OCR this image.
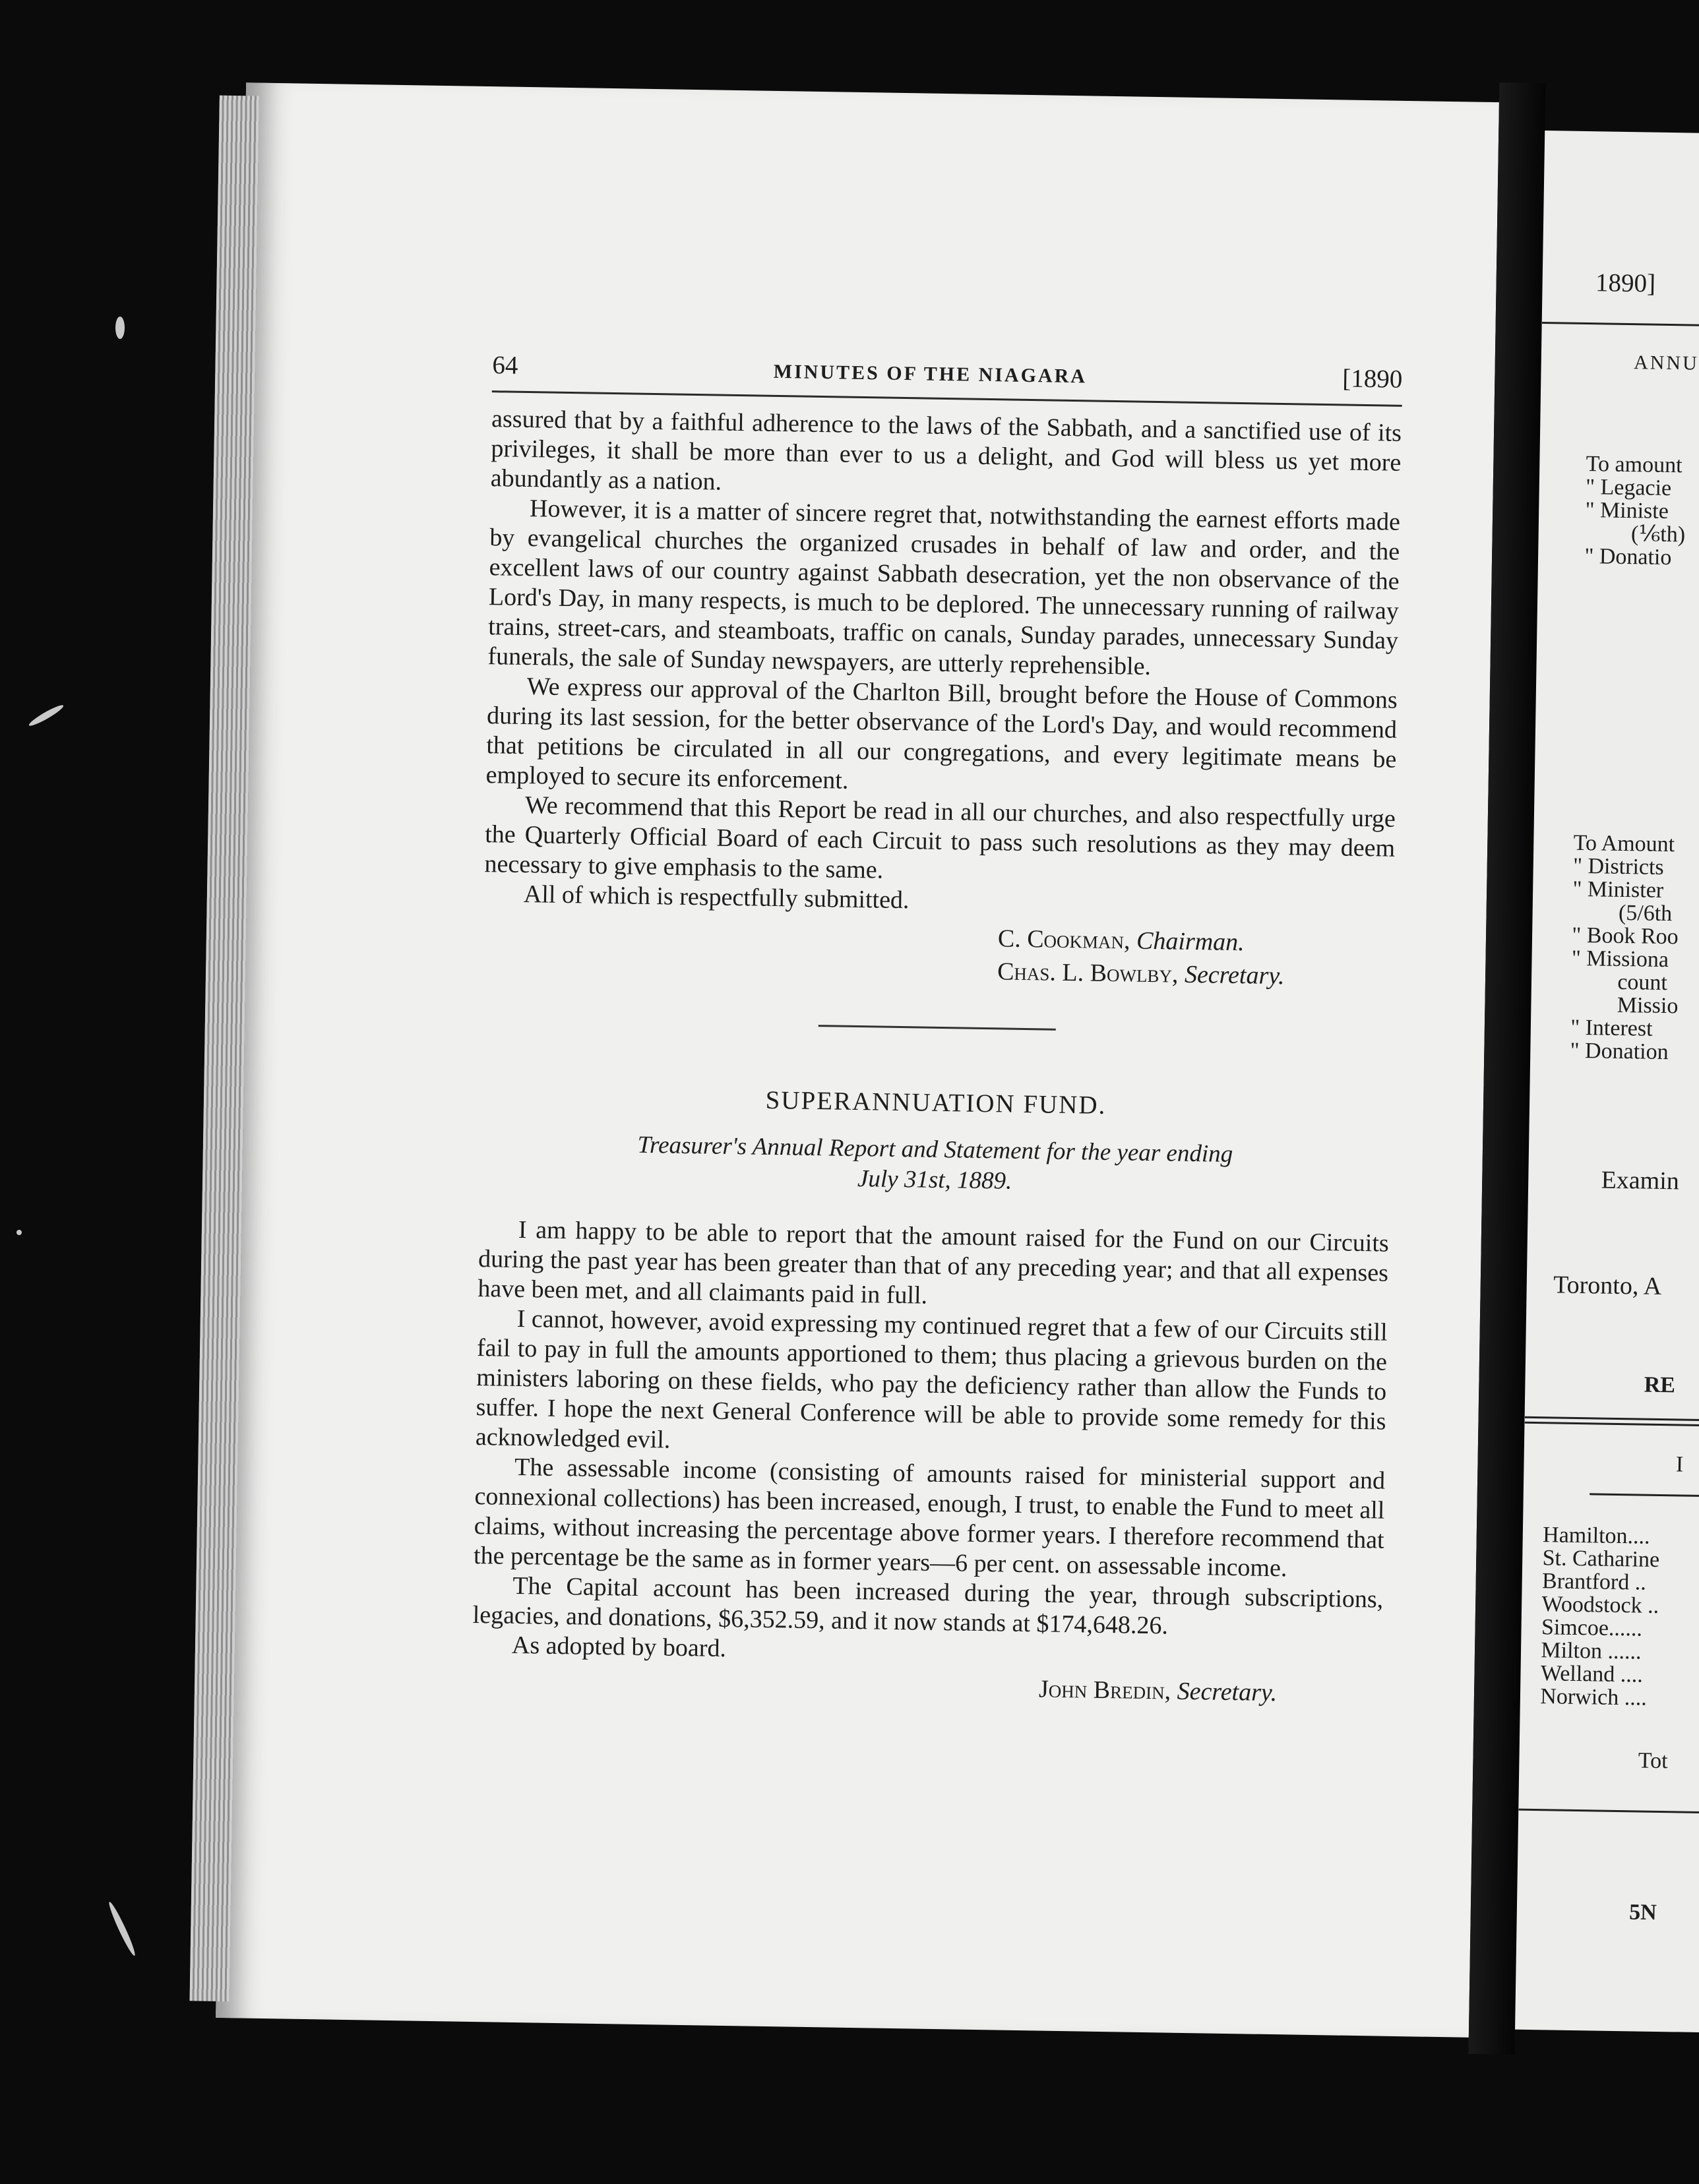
1890]
ANNU
To amount
" Legacie
" Ministe
(⅙th)
" Donatio
To Amount
" Districts
" Minister
(5/6th
" Book Roo
" Missiona
count
Missio
" Interest
" Donation
Examin
Toronto, A
RE
I
Hamilton....
St. Catharine
Brantford ..
Woodstock ..
Simcoe......
Milton ......
Welland ....
Norwich ....
Tot
5N
64	MINUTES OF THE NIAGARA	[1890

assured that by a faithful adherence to the laws of the Sabbath, and a sanctified use of its privileges, it shall be more than ever to us a delight, and God will bless us yet more abundantly as a nation.

However, it is a matter of sincere regret that, notwithstanding the earnest efforts made by evangelical churches the organized crusades in behalf of law and order, and the excellent laws of our country against Sabbath desecration, yet the non observance of the Lord's Day, in many respects, is much to be deplored. The unnecessary running of railway trains, street-cars, and steamboats, traffic on canals, Sunday parades, unnecessary Sunday funerals, the sale of Sunday newspayers, are utterly reprehensible.

We express our approval of the Charlton Bill, brought before the House of Commons during its last session, for the better observance of the Lord's Day, and would recommend that petitions be circulated in all our congregations, and every legitimate means be employed to secure its enforcement.

We recommend that this Report be read in all our churches, and also respectfully urge the Quarterly Official Board of each Circuit to pass such resolutions as they may deem necessary to give emphasis to the same.

All of which is respectfully submitted.

C. Cookman, Chairman.
Chas. L. Bowlby, Secretary.
SUPERANNUATION FUND.
Treasurer's Annual Report and Statement for the year ending
July 31st, 1889.

I am happy to be able to report that the amount raised for the Fund on our Circuits during the past year has been greater than that of any preceding year; and that all expenses have been met, and all claimants paid in full.

I cannot, however, avoid expressing my continued regret that a few of our Circuits still fail to pay in full the amounts apportioned to them; thus placing a grievous burden on the ministers laboring on these fields, who pay the deficiency rather than allow the Funds to suffer. I hope the next General Conference will be able to provide some remedy for this acknowledged evil.

The assessable income (consisting of amounts raised for ministerial support and connexional collections) has been increased, enough, I trust, to enable the Fund to meet all claims, without increasing the percentage above former years. I therefore recommend that the percentage be the same as in former years—6 per cent. on assessable income.

The Capital account has been increased during the year, through subscriptions, legacies, and donations, $6,352.59, and it now stands at $174,648.26.

As adopted by board.

John Bredin, Secretary.
